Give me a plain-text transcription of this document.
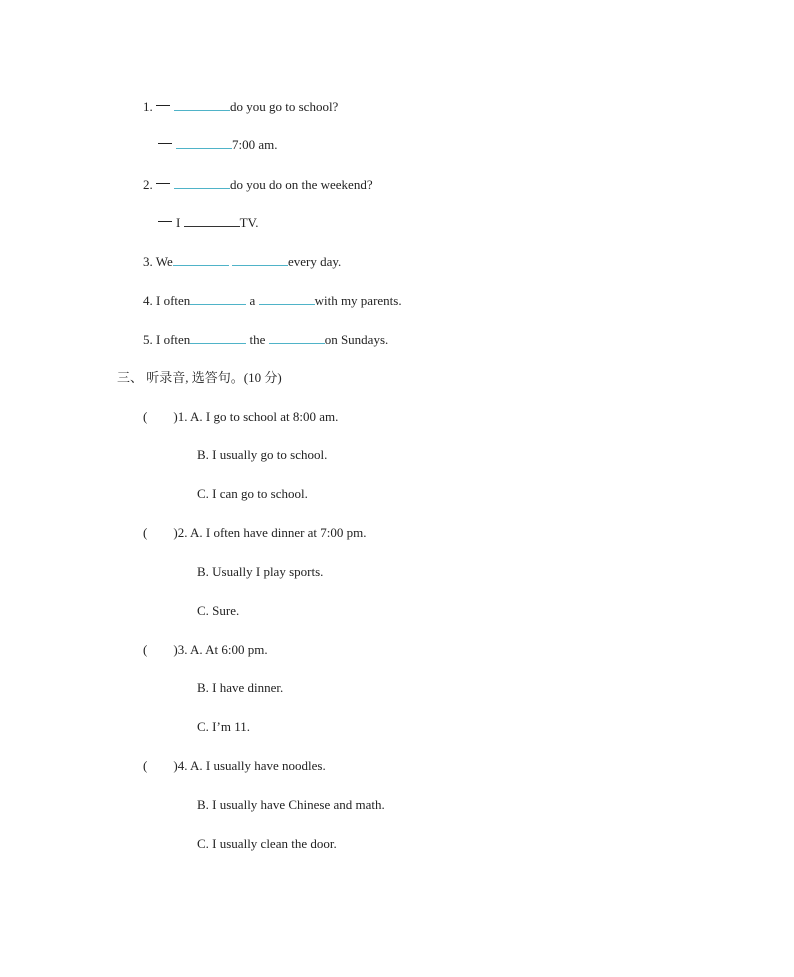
1.	do you go to school?
7:00 am.
2.	do you do on the weekend?
I	TV.
3. We	every day.
4. I often	a	with my parents.
5. I often	the	on Sundays.
三、 听录音, 选答句。(10 分)
( )1. A. I go to school at 8:00 am.
B. I usually go to school.
C. I can go to school.
( )2. A. I often have dinner at 7:00 pm.
B. Usually I play sports.
C. Sure.
( )3. A. At 6:00 pm.
B. I have dinner.
C. I’m 11.
( )4. A. I usually have noodles.
B. I usually have Chinese and math.
C. I usually clean the door.
